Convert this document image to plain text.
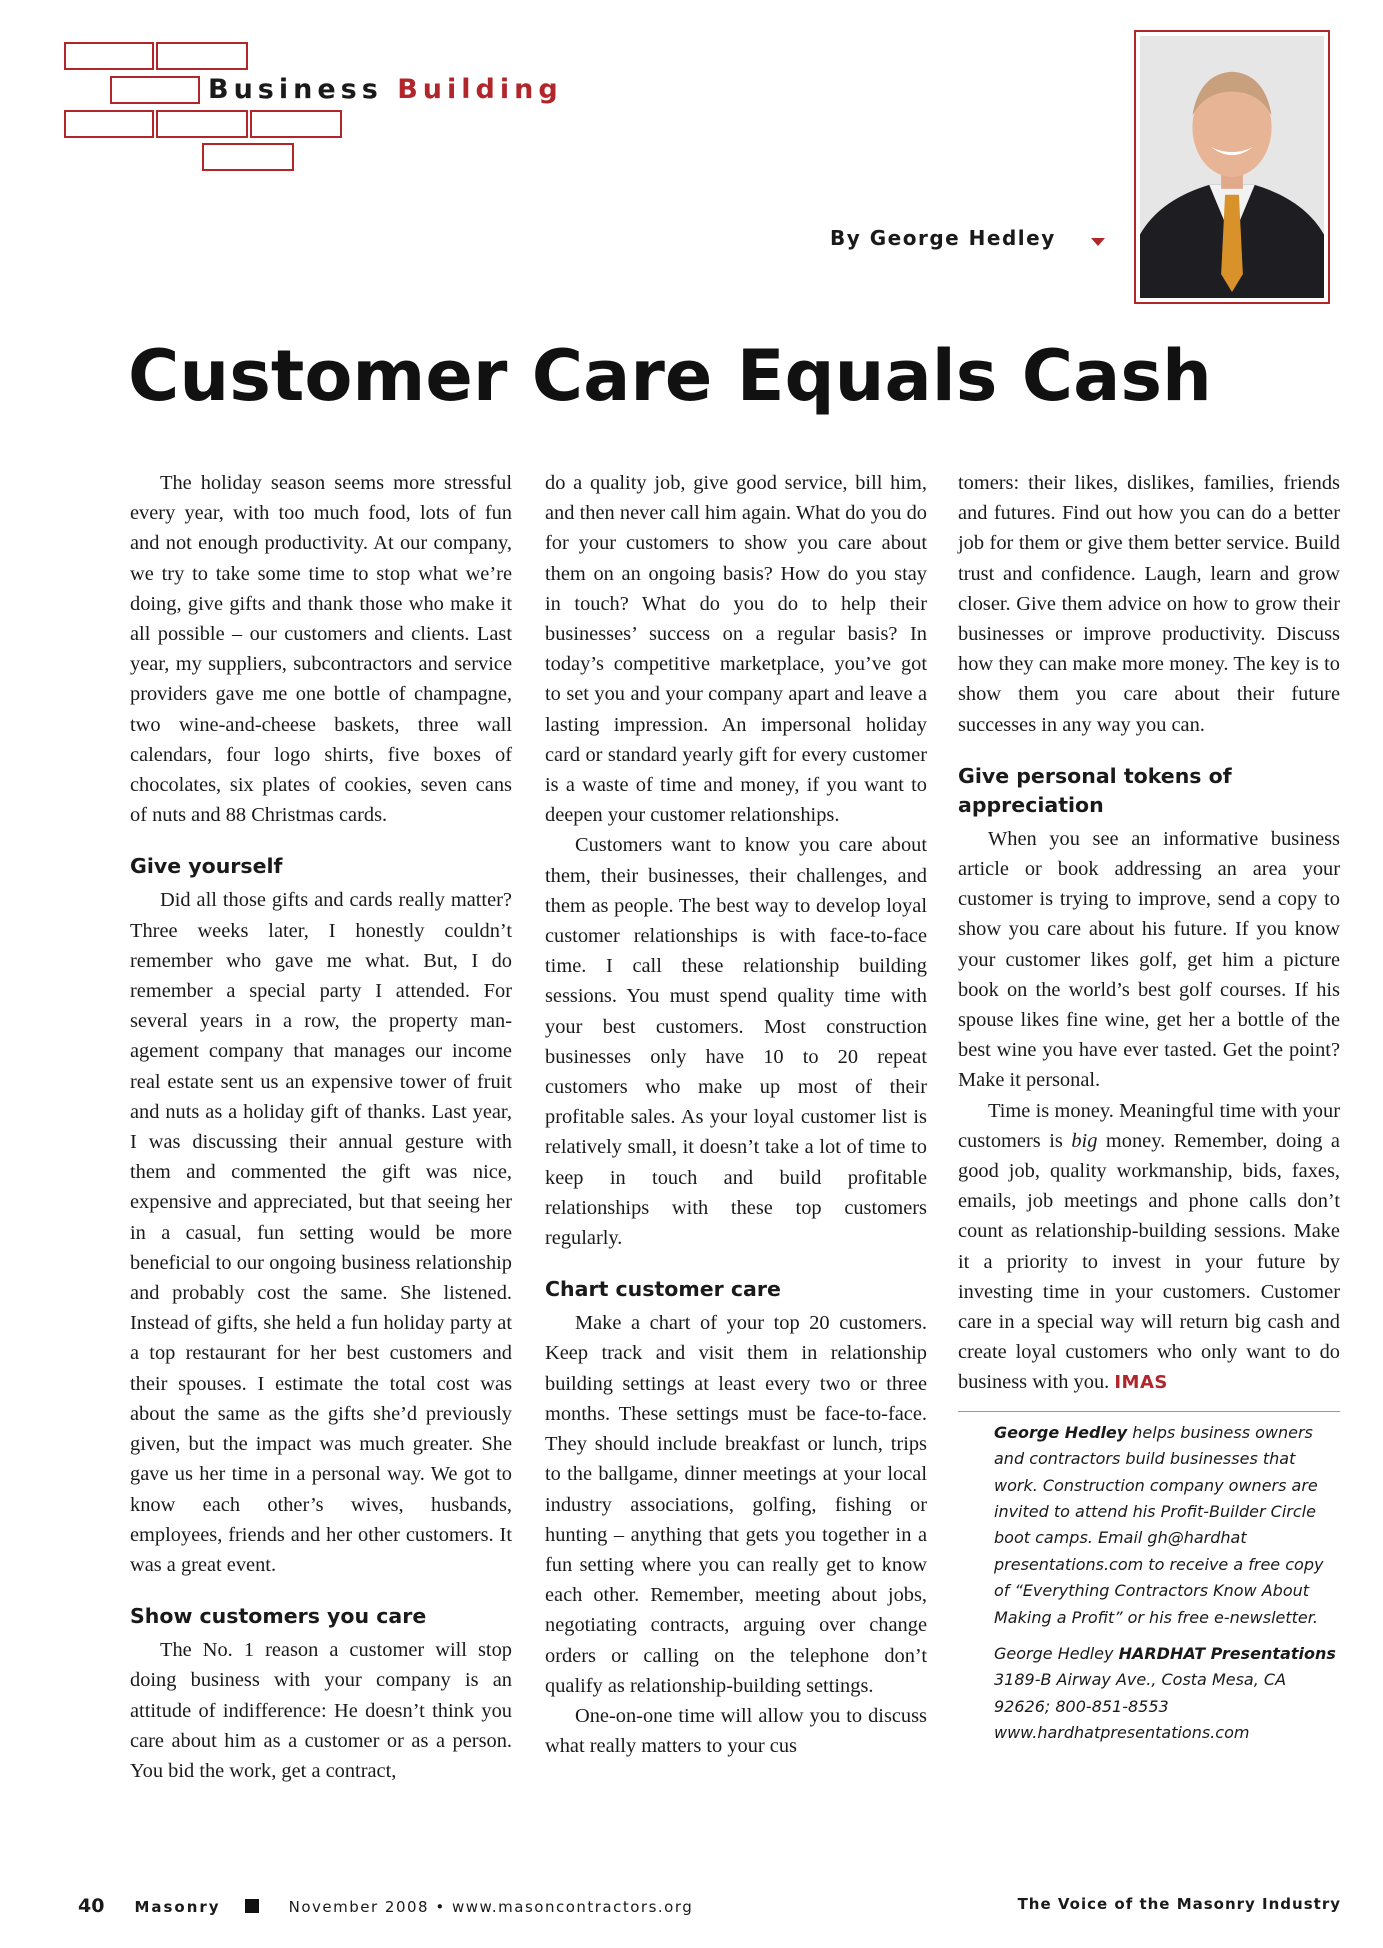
Business Building
By George Hedley
Customer Care Equals Cash

The holiday season seems more stressful every year, with too much food, lots of fun and not enough productivity. At our company, we try to take some time to stop what we’re doing, give gifts and thank those who make it all possible – our customers and clients. Last year, my suppliers, subcontractors and service providers gave me one bottle of champagne, two wine-and-cheese baskets, three wall calendars, four logo shirts, five boxes of chocolates, six plates of cookies, seven cans of nuts and 88 Christmas cards.

Give yourself

Did all those gifts and cards really matter? Three weeks later, I honestly couldn’t remember who gave me what. But, I do remember a special party I attended. For several years in a row, the property management company that manages our income real estate sent us an expensive tower of fruit and nuts as a holiday gift of thanks. Last year, I was discussing their annual gesture with them and commented the gift was nice, expensive and appreciated, but that seeing her in a casual, fun setting would be more beneficial to our ongoing business relationship and probably cost the same. She listened. Instead of gifts, she held a fun holiday party at a top restaurant for her best customers and their spouses. I estimate the total cost was about the same as the gifts she’d previously given, but the impact was much greater. She gave us her time in a personal way. We got to know each other’s wives, husbands, employees, friends and her other customers. It was a great event.

Show customers you care

The No. 1 reason a customer will stop doing business with your company is an attitude of indifference: He doesn’t think you care about him as a customer or as a person. You bid the work, get a contract,

do a quality job, give good service, bill him, and then never call him again. What do you do for your customers to show you care about them on an ongoing basis? How do you stay in touch? What do you do to help their businesses’ success on a regular basis? In today’s competitive marketplace, you’ve got to set you and your company apart and leave a lasting impression. An impersonal holiday card or standard yearly gift for every customer is a waste of time and money, if you want to deepen your customer relationships.

Customers want to know you care about them, their businesses, their challenges, and them as people. The best way to develop loyal customer relationships is with face-to-face time. I call these relationship building sessions. You must spend quality time with your best customers. Most construction businesses only have 10 to 20 repeat customers who make up most of their profitable sales. As your loyal customer list is relatively small, it doesn’t take a lot of time to keep in touch and build profitable relationships with these top customers regularly.

Chart customer care

Make a chart of your top 20 customers. Keep track and visit them in relationship building settings at least every two or three months. These settings must be face-to-face. They should include breakfast or lunch, trips to the ballgame, dinner meetings at your local industry associations, golfing, fishing or hunting – anything that gets you together in a fun setting where you can really get to know each other. Remember, meeting about jobs, negotiating contracts, arguing over change orders or calling on the telephone don’t qualify as relationship-building settings.

One-on-one time will allow you to discuss what really matters to your cus

tomers: their likes, dislikes, families, friends and futures. Find out how you can do a better job for them or give them better service. Build trust and confidence. Laugh, learn and grow closer. Give them advice on how to grow their businesses or improve productivity. Discuss how they can make more money. The key is to show them you care about their future successes in any way you can.

Give personal tokens of appreciation

When you see an informative business article or book addressing an area your customer is trying to improve, send a copy to show you care about his future. If you know your customer likes golf, get him a picture book on the world’s best golf courses. If his spouse likes fine wine, get her a bottle of the best wine you have ever tasted. Get the point? Make it personal.

Time is money. Meaningful time with your customers is big money. Remember, doing a good job, quality workmanship, bids, faxes, emails, job meetings and phone calls don’t count as relationship-building sessions. Make it a priority to invest in your future by investing time in your customers. Customer care in a special way will return big cash and create loyal customers who only want to do business with you. IMAS

George Hedley helps business owners and contractors build businesses that work. Construction company owners are invited to attend his Profit-Builder Circle boot camps. Email gh@hardhat presentations.com to receive a free copy of “Everything Contractors Know About Making a Profit” or his free e-newsletter.

George Hedley HARDHAT Presentations

3189-B Airway Ave., Costa Mesa, CA 92626; 800-851-8553

www.hardhatpresentations.com

40 Masonry	November 2008 • www.masoncontractors.org	The Voice of the Masonry Industry
